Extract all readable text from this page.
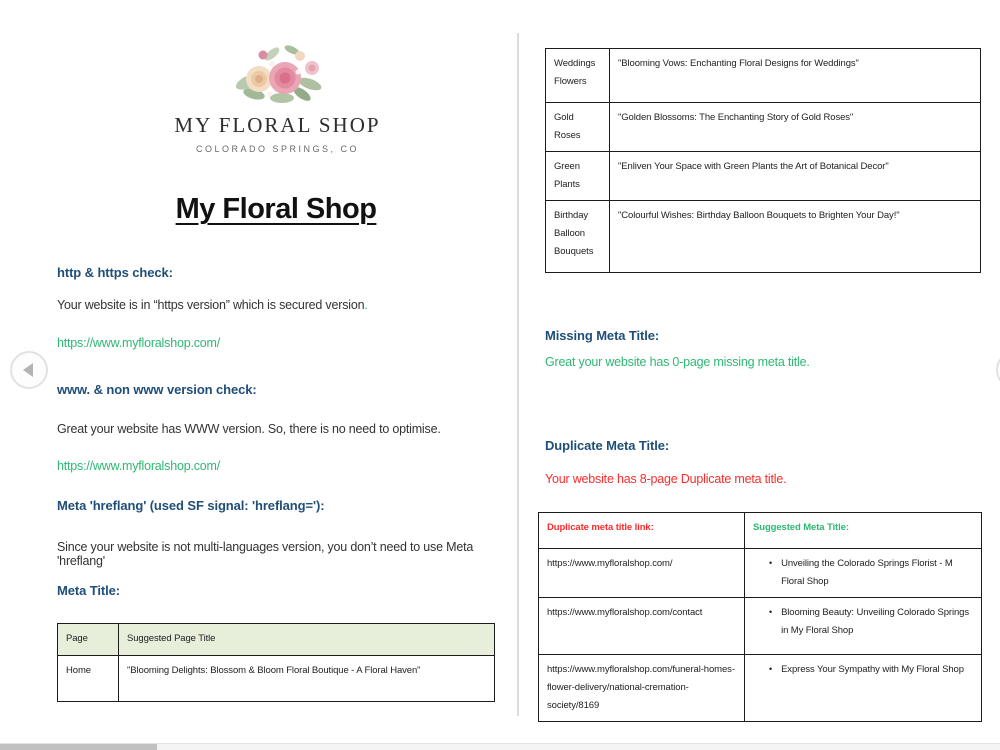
MY FLORAL SHOP
COLORADO SPRINGS, CO
My Floral Shop
http & https check:
Your website is in “https version” which is secured version.
https://www.myfloralshop.com/
www. & non www version check:
Great your website has WWW version. So, there is no need to optimise.
https://www.myfloralshop.com/
Meta 'hreflang' (used SF signal: 'hreflang='):
Since your website is not multi-languages version, you don’t need to use Meta 'hreflang'
Meta Title:
Page	Suggested Page Title
Home	"Blooming Delights: Blossom & Bloom Floral Boutique - A Floral Haven"
Weddings Flowers	"Blooming Vows: Enchanting Floral Designs for Weddings"
Gold Roses	"Golden Blossoms: The Enchanting Story of Gold Roses"
Green Plants	"Enliven Your Space with Green Plants the Art of Botanical Decor"
Birthday Balloon Bouquets	"Colourful Wishes: Birthday Balloon Bouquets to Brighten Your Day!"
Missing Meta Title:
Great your website has 0-page missing meta title.
Duplicate Meta Title:
Your website has 8-page Duplicate meta title.
Duplicate meta title link:	Suggested Meta Title:
https://www.myfloralshop.com/	• Unveiling the Colorado Springs Florist - M Floral Shop

https://www.myfloralshop.com/contact	• Blooming Beauty: Unveiling Colorado Springs in My Floral Shop

https://www.myfloralshop.com/funeral-homes-flower-delivery/national-cremation-society/8169	• Express Your Sympathy with My Floral Shop
